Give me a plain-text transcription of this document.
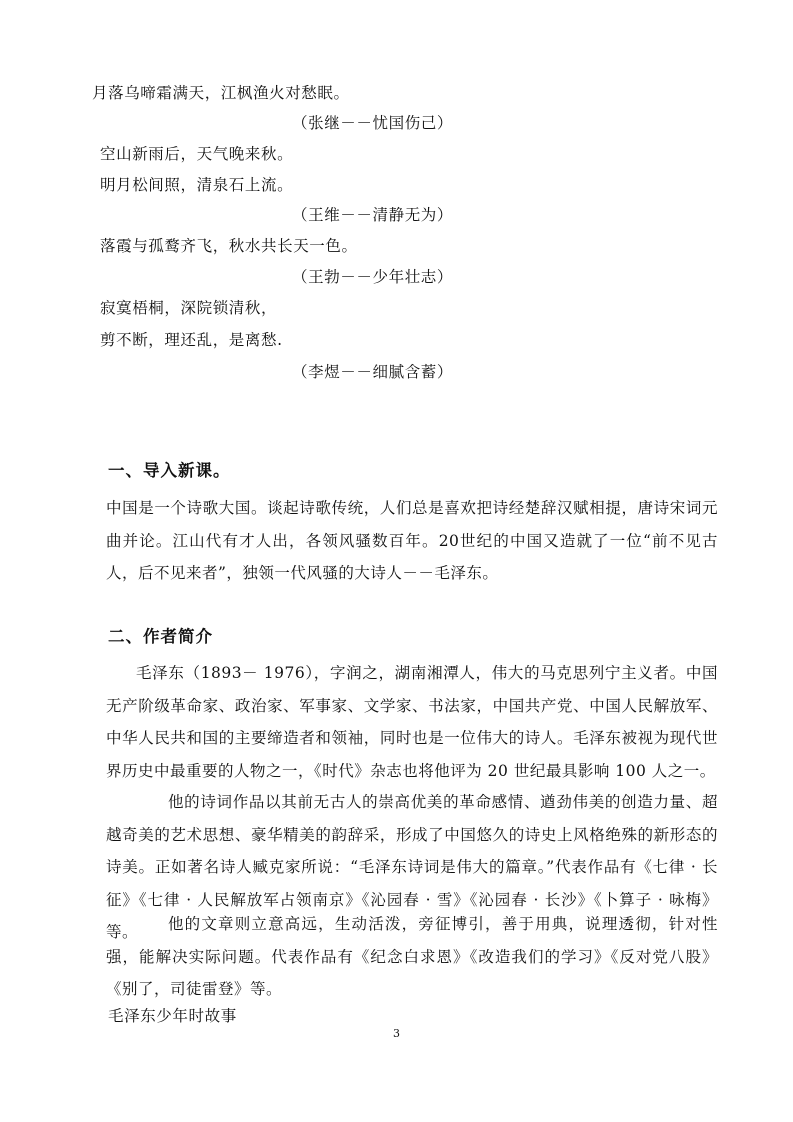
月落乌啼霜满天，江枫渔火对愁眠。
（张继－－忧国伤己）
空山新雨后，天气晚来秋。
明月松间照，清泉石上流。
（王维－－清静无为）
落霞与孤鹜齐飞，秋水共长天一色。
（王勃－－少年壮志）
寂寞梧桐，深院锁清秋，
剪不断，理还乱，是离愁.
（李煜－－细腻含蓄）
一、导入新课。
中国是一个诗歌大国。谈起诗歌传统，人们总是喜欢把诗经楚辞汉赋相提，唐诗宋词元曲并论。江山代有才人出，各领风骚数百年。20世纪的中国又造就了一位“前不见古人，后不见来者”，独领一代风骚的大诗人－－毛泽东。
二、作者简介
毛泽东（1893－ 1976），字润之，湖南湘潭人，伟大的马克思列宁主义者。中国无产阶级革命家、政治家、军事家、文学家、书法家，中国共产党、中国人民解放军、中华人民共和国的主要缔造者和领袖，同时也是一位伟大的诗人。毛泽东被视为现代世界历史中最重要的人物之一，《时代》杂志也将他评为 20 世纪最具影响 100 人之一。
他的诗词作品以其前无古人的崇高优美的革命感情、遒劲伟美的创造力量、超越奇美的艺术思想、豪华精美的韵辞采，形成了中国悠久的诗史上风格绝殊的新形态的诗美。正如著名诗人臧克家所说：“毛泽东诗词是伟大的篇章。”代表作品有《七律 · 长征》《七律 · 人民解放军占领南京》《沁园春 · 雪》《沁园春 · 长沙》《卜算子 · 咏梅》等。	他的文章则立意高远，生动活泼，旁征博引，善于用典，说理透彻，针对性强，能解决实际问题。代表作品有《纪念白求恩》《改造我们的学习》《反对党八股》《别了，司徒雷登》等。
毛泽东少年时故事
3
